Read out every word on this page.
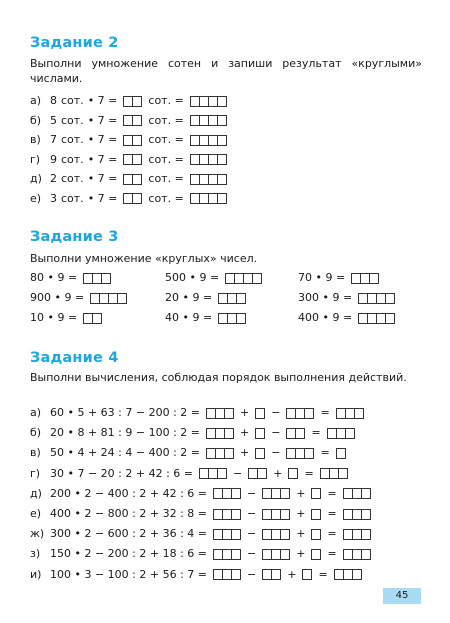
Задание 2
Выполни умножение сотен и запиши результат «круглыми» числами.
а) 8 сот. • 7 =	сот. =
б) 5 сот. • 7 =	сот. =
в) 7 сот. • 7 =	сот. =
г) 9 сот. • 7 =	сот. =
д) 2 сот. • 7 =	сот. =
е) 3 сот. • 7 =	сот. =
Задание 3
Выполни умножение «круглых» чисел.
80 • 9 =	500 • 9 =	70 • 9 =
900 • 9 =	20 • 9 =	300 • 9 =
10 • 9 =	40 • 9 =	400 • 9 =
Задание 4
Выполни вычисления, соблюдая порядок выполнения действий.
а) 60 • 5 + 63 : 7 − 200 : 2 =	+ −	=
б) 20 • 8 + 81 : 9 − 100 : 2 =	+ −	=
в) 50 • 4 + 24 : 4 − 400 : 2 =	+ −	=
г) 30 • 7 − 20 : 2 + 42 : 6 =	−	+ =
д) 200 • 2 − 400 : 2 + 42 : 6 =	−	+ =
е) 400 • 2 − 800 : 2 + 32 : 8 =	−	+ =
ж) 300 • 2 − 600 : 2 + 36 : 4 =	−	+ =
з) 150 • 2 − 200 : 2 + 18 : 6 =	−	+ =
и) 100 • 3 − 100 : 2 + 56 : 7 =	−	+ =
45
